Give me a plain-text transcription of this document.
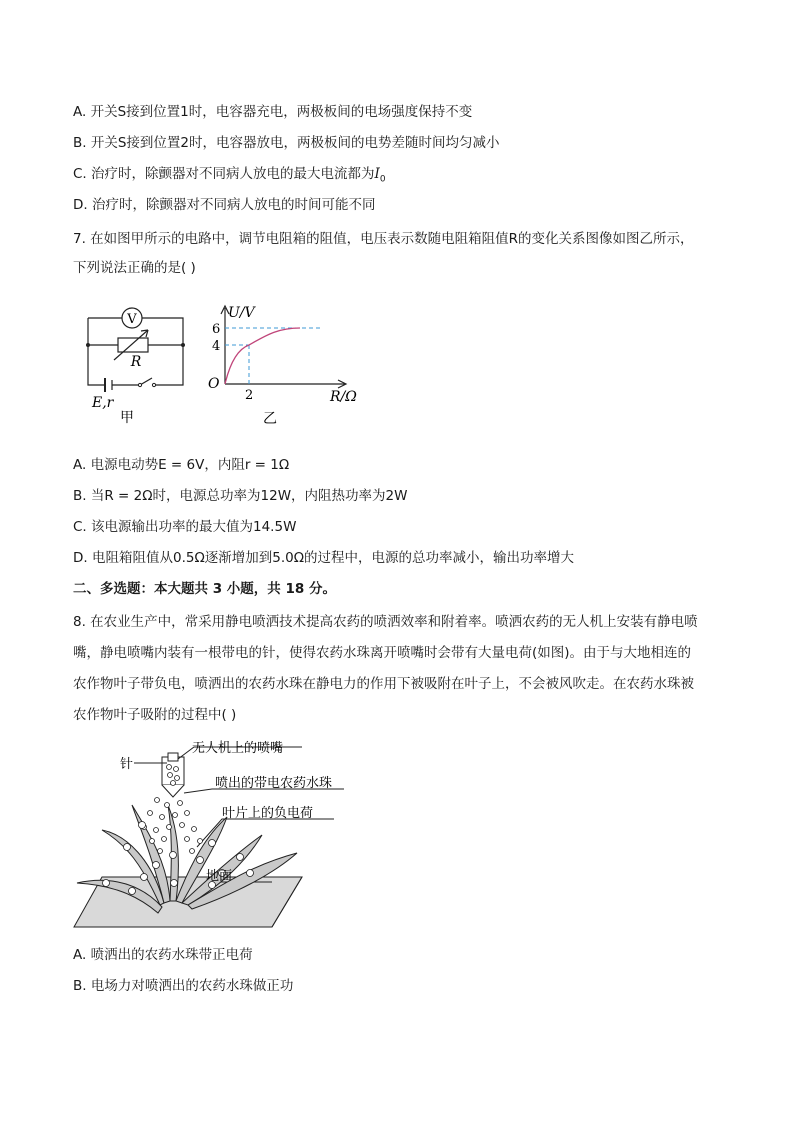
A. 开关S接到位置1时，电容器充电，两极板间的电场强度保持不变
B. 开关S接到位置2时，电容器放电，两极板间的电势差随时间均匀减小
C. 治疗时，除颤器对不同病人放电的最大电流都为$I_0$
D. 治疗时，除颤器对不同病人放电的时间可能不同
7. 在如图甲所示的电路中，调节电阻箱的阻值，电压表示数随电阻箱阻值R的变化关系图像如图乙所示，
下列说法正确的是( )
V
R
E,r
甲
U/V
6
4
O
2	R/Ω
乙
A. 电源电动势E = 6V，内阻r = 1Ω
B. 当R = 2Ω时，电源总功率为12W，内阻热功率为2W
C. 该电源输出功率的最大值为14.5W
D. 电阻箱阻值从0.5Ω逐渐增加到5.0Ω的过程中，电源的总功率减小，输出功率增大
二、多选题：本大题共 3 小题，共 18 分。
8. 在农业生产中，常采用静电喷洒技术提高农药的喷洒效率和附着率。喷洒农药的无人机上安装有静电喷
嘴，静电喷嘴内装有一根带电的针，使得农药水珠离开喷嘴时会带有大量电荷(如图)。由于与大地相连的
农作物叶子带负电，喷洒出的农药水珠在静电力的作用下被吸附在叶子上，不会被风吹走。在农药水珠被
农作物叶子吸附的过程中( )
针
无人机上的喷嘴
喷出的带电农药水珠
叶片上的负电荷
地面
A. 喷洒出的农药水珠带正电荷
B. 电场力对喷洒出的农药水珠做正功
